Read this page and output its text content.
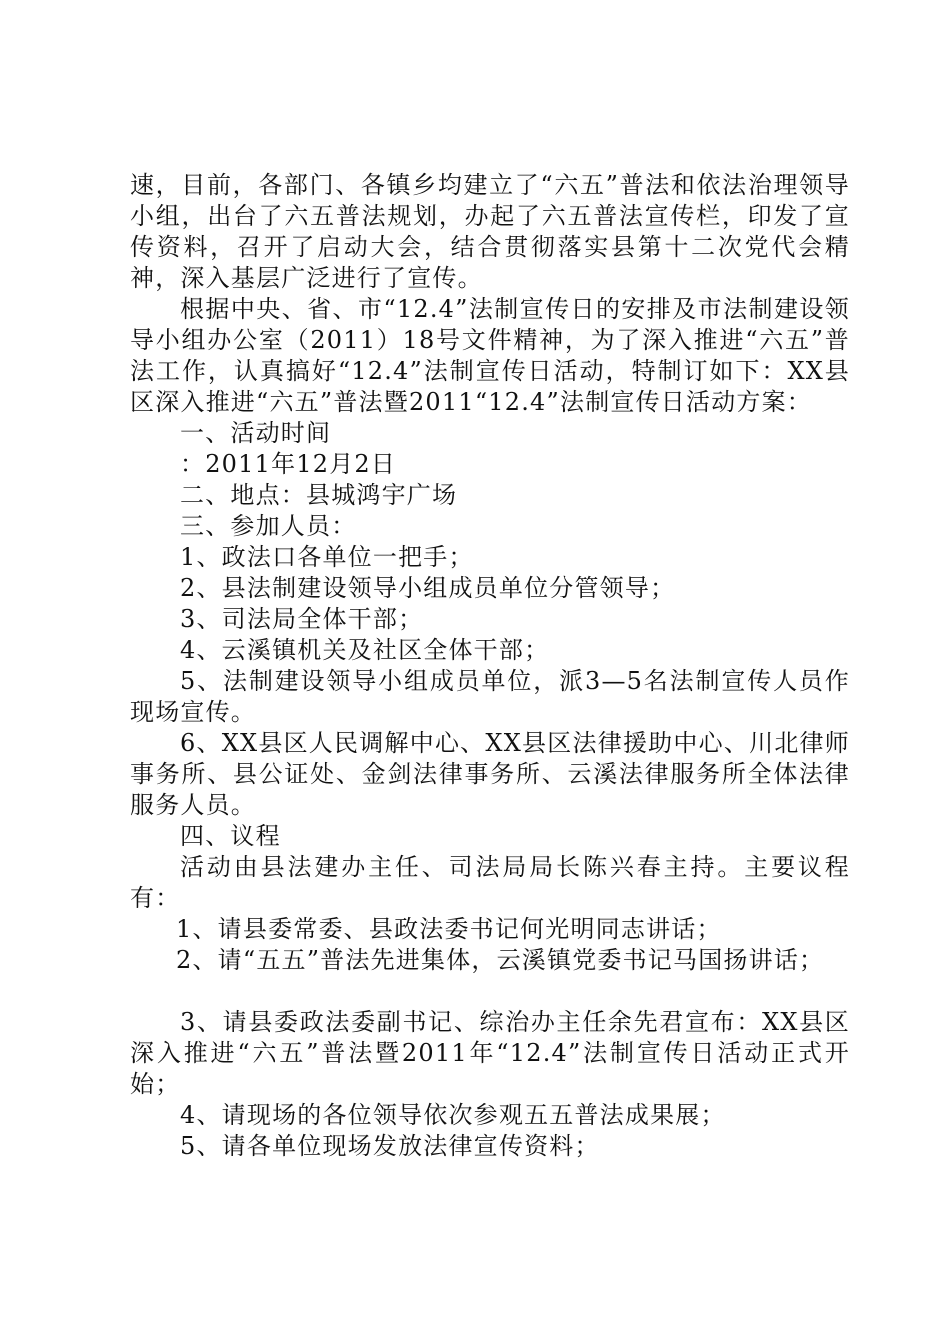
速，目前，各部门、各镇乡均建立了“六五”普法和依法治理领导小组，出台了六五普法规划，办起了六五普法宣传栏，印发了宣传资料，召开了启动大会，结合贯彻落实县第十二次党代会精神，深入基层广泛进行了宣传。

根据中央、省、市“12.4”法制宣传日的安排及市法制建设领导小组办公室（2011）18号文件精神，为了深入推进“六五”普法工作，认真搞好“12.4”法制宣传日活动，特制订如下：XX县区深入推进“六五”普法暨2011“12.4”法制宣传日活动方案：

一、活动时间

：2011年12月2日

二、地点：县城鸿宇广场

三、参加人员：

1、政法口各单位一把手；

2、县法制建设领导小组成员单位分管领导；

3、司法局全体干部；

4、云溪镇机关及社区全体干部；

5、法制建设领导小组成员单位，派3—5名法制宣传人员作现场宣传。

6、XX县区人民调解中心、XX县区法律援助中心、川北律师事务所、县公证处、金剑法律事务所、云溪法律服务所全体法律服务人员。

四、议程

活动由县法建办主任、司法局局长陈兴春主持。主要议程有：

1、请县委常委、县政法委书记何光明同志讲话；

2、请“五五”普法先进集体，云溪镇党委书记马国扬讲话；

3、请县委政法委副书记、综治办主任余先君宣布：XX县区深入推进“六五”普法暨2011年“12.4”法制宣传日活动正式开始；

4、请现场的各位领导依次参观五五普法成果展；

5、请各单位现场发放法律宣传资料；
